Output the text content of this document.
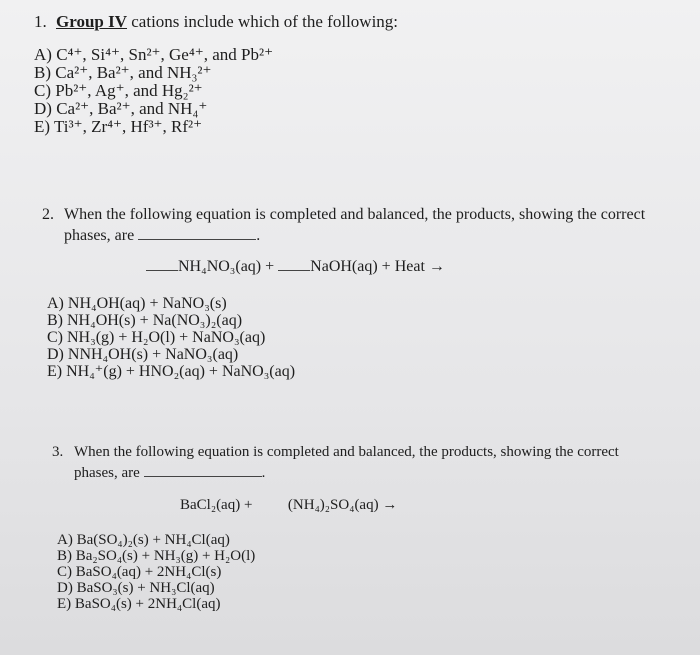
1. Group IV cations include which of the following:
A) C⁴⁺, Si⁴⁺, Sn²⁺, Ge⁴⁺, and Pb²⁺
B) Ca²⁺, Ba²⁺, and NH₃²⁺
C) Pb²⁺, Ag⁺, and Hg₂²⁺
D) Ca²⁺, Ba²⁺, and NH₄⁺
E) Ti³⁺, Zr⁴⁺, Hf³⁺, Rf²⁺
2. When the following equation is completed and balanced, the products, showing the correct
phases, are	.
NH₄NO₃(aq) + NaOH(aq) + Heat →
A) NH₄OH(aq) + NaNO₃(s)
B) NH₄OH(s) + Na(NO₃)₂(aq)
C) NH₃(g) + H₂O(l) + NaNO₃(aq)
D) NNH₄OH(s) + NaNO₃(aq)
E) NH₄⁺(g) + HNO₂(aq) + NaNO₃(aq)
3. When the following equation is completed and balanced, the products, showing the correct
phases, are	.
BaCl₂(aq) + (NH₄)₂SO₄(aq) →
A) Ba(SO₄)₂(s) + NH₄Cl(aq)
B) Ba₂SO₄(s) + NH₃(g) + H₂O(l)
C) BaSO₄(aq) + 2NH₄Cl(s)
D) BaSO₃(s) + NH₃Cl(aq)
E) BaSO₄(s) + 2NH₄Cl(aq)
